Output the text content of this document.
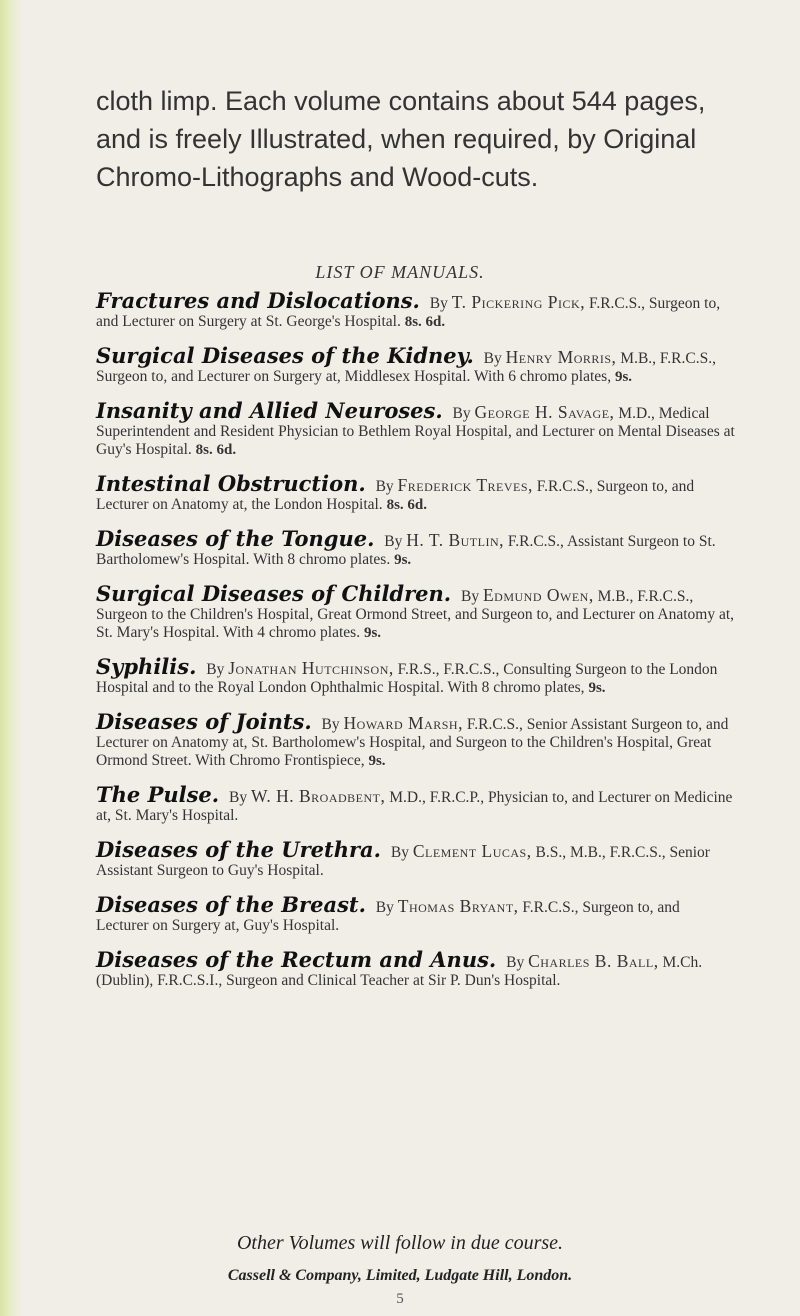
cloth limp. Each volume contains about 544 pages, and is freely Illustrated, when required, by Original Chromo-Lithographs and Wood-cuts.
LIST OF MANUALS.
Fractures and Dislocations. By T. Pickering Pick, F.R.C.S., Surgeon to, and Lecturer on Surgery at St. George's Hospital. 8s. 6d.
Surgical Diseases of the Kidney. By Henry Morris, M.B., F.R.C.S., Surgeon to, and Lecturer on Surgery at, Middlesex Hospital. With 6 chromo plates, 9s.
Insanity and Allied Neuroses. By George H. Savage, M.D., Medical Superintendent and Resident Physician to Bethlem Royal Hospital, and Lecturer on Mental Diseases at Guy's Hospital. 8s. 6d.
Intestinal Obstruction. By Frederick Treves, F.R.C.S., Surgeon to, and Lecturer on Anatomy at, the London Hospital. 8s. 6d.
Diseases of the Tongue. By H. T. Butlin, F.R.C.S., Assistant Surgeon to St. Bartholomew's Hospital. With 8 chromo plates. 9s.
Surgical Diseases of Children. By Edmund Owen, M.B., F.R.C.S., Surgeon to the Children's Hospital, Great Ormond Street, and Surgeon to, and Lecturer on Anatomy at, St. Mary's Hospital. With 4 chromo plates. 9s.
Syphilis. By Jonathan Hutchinson, F.R.S., F.R.C.S., Consulting Surgeon to the London Hospital and to the Royal London Ophthalmic Hospital. With 8 chromo plates, 9s.
Diseases of Joints. By Howard Marsh, F.R.C.S., Senior Assistant Surgeon to, and Lecturer on Anatomy at, St. Bartholomew's Hospital, and Surgeon to the Children's Hospital, Great Ormond Street. With Chromo Frontispiece, 9s.
The Pulse. By W. H. Broadbent, M.D., F.R.C.P., Physician to, and Lecturer on Medicine at, St. Mary's Hospital.
Diseases of the Urethra. By Clement Lucas, B.S., M.B., F.R.C.S., Senior Assistant Surgeon to Guy's Hospital.
Diseases of the Breast. By Thomas Bryant, F.R.C.S., Surgeon to, and Lecturer on Surgery at, Guy's Hospital.
Diseases of the Rectum and Anus. By Charles B. Ball, M.Ch. (Dublin), F.R.C.S.I., Surgeon and Clinical Teacher at Sir P. Dun's Hospital.
Other Volumes will follow in due course.
Cassell & Company, Limited, Ludgate Hill, London.
5
